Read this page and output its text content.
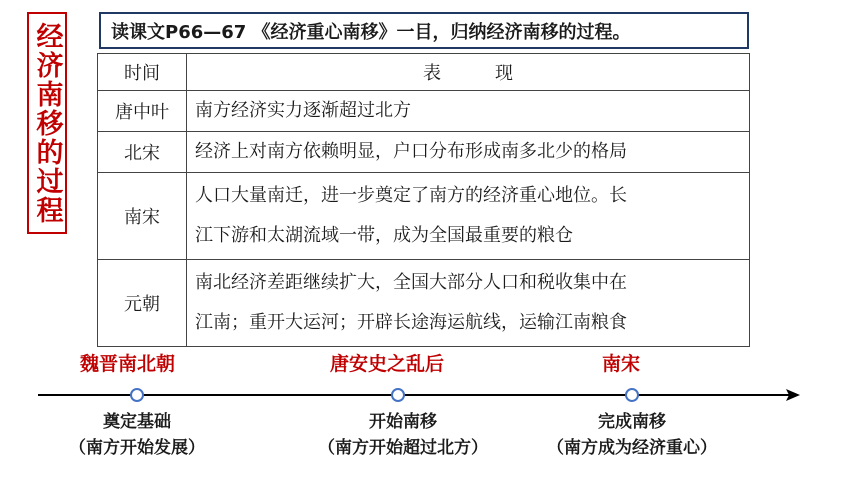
经济南移的过程	读课文P66—67 《经济重心南移》一目，归纳经济南移的过程。
时间	表　　　现
唐中叶	南方经济实力逐渐超过北方

北宋	经济上对南方依赖明显，户口分布形成南多北少的格局

南宋	人口大量南迁，进一步奠定了南方的经济重心地位。长
江下游和太湖流域一带，成为全国最重要的粮仓

元朝	南北经济差距继续扩大，全国大部分人口和税收集中在
江南；重开大运河；开辟长途海运航线，运输江南粮食
魏晋南北朝	唐安史之乱后	南宋
奠定基础
（南方开始发展）
开始南移
（南方开始超过北方）
完成南移
（南方成为经济重心）
